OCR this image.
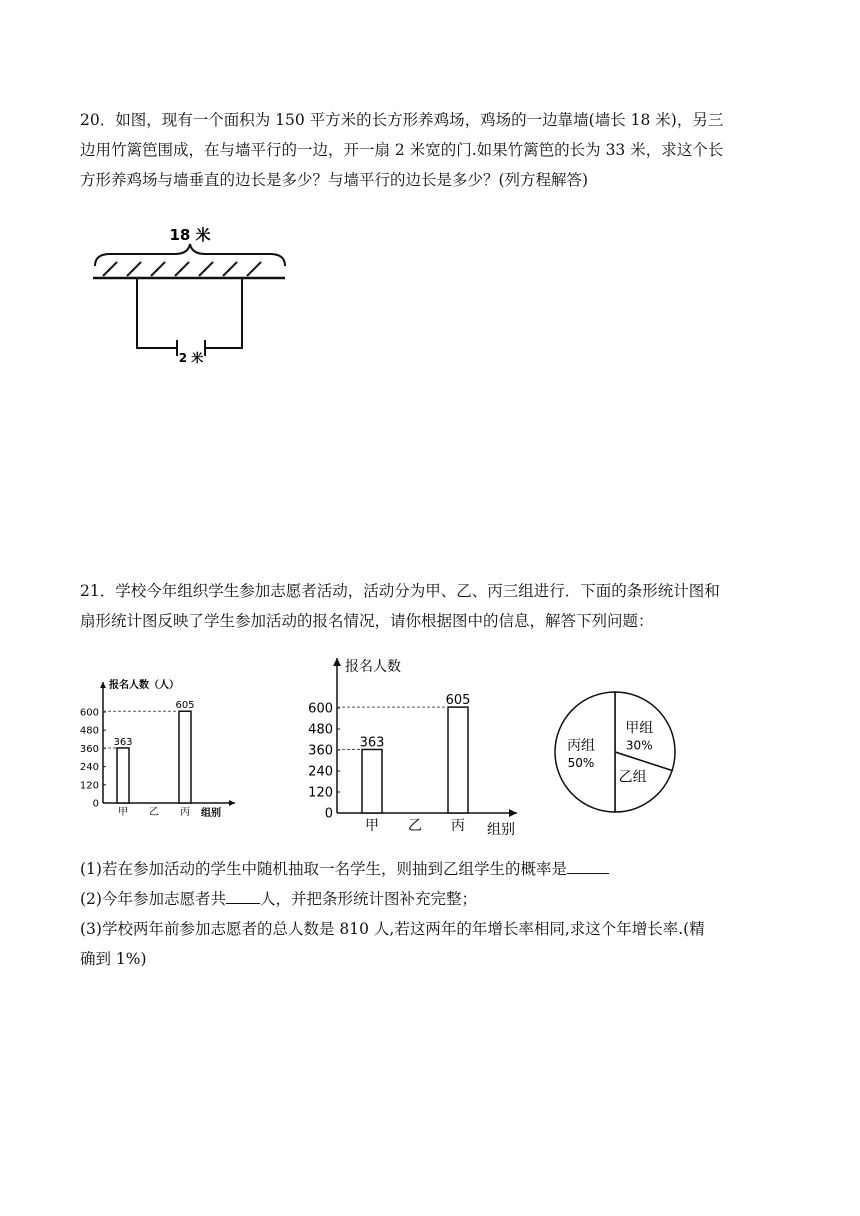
20．如图，现有一个面积为 150 平方米的长方形养鸡场，鸡场的一边靠墙(墙长 18 米)，另三
边用竹篱笆围成，在与墙平行的一边，开一扇 2 米宽的门.如果竹篱笆的长为 33 米，求这个长
方形养鸡场与墙垂直的边长是多少？与墙平行的边长是多少？(列方程解答)
18 米
2 米
21．学校今年组织学生参加志愿者活动，活动分为甲、乙、丙三组进行．下面的条形统计图和
扇形统计图反映了学生参加活动的报名情况，请你根据图中的信息，解答下列问题：
报名人数（人）
组别
0
120
240
360
480
600
甲
363
乙 丙
605
报名人数
组别
0
120
240
360
480
600
甲
363
乙 丙
605
甲组
30%
乙组
丙组
50%
(1)若在参加活动的学生中随机抽取一名学生，则抽到乙组学生的概率是
(2)今年参加志愿者共 人，并把条形统计图补充完整；
(3)学校两年前参加志愿者的总人数是 810 人,若这两年的年增长率相同,求这个年增长率.(精
确到 1%)
